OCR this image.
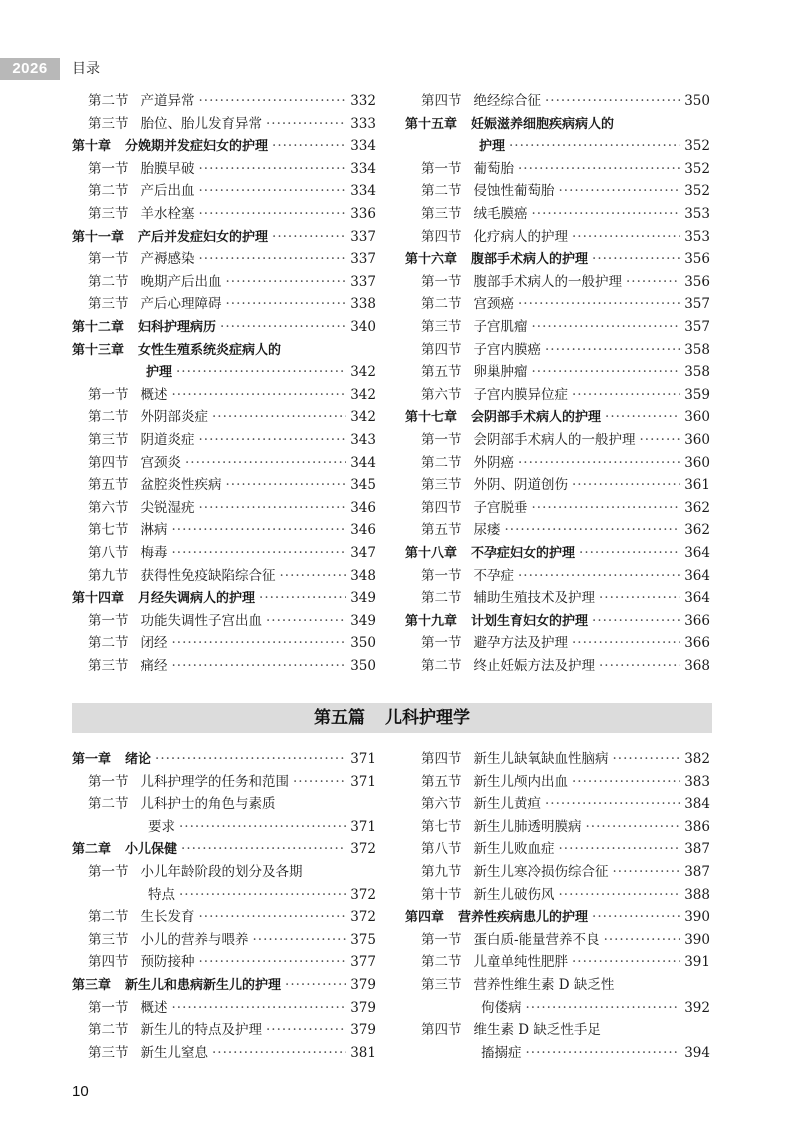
2026	目录
第二节 产道异常 ·····	332
第三节 胎位、胎儿发育异常 ·····	333
第十章 分娩期并发症妇女的护理 ·····	334
第一节 胎膜早破 ·····	334
第二节 产后出血 ·····	334
第三节 羊水栓塞 ·····	336
第十一章 产后并发症妇女的护理 ·····	337
第一节 产褥感染 ·····	337
第二节 晚期产后出血 ·····	337
第三节 产后心理障碍 ·····	338
第十二章 妇科护理病历 ·····	340
第十三章 女性生殖系统炎症病人的
护理 ·····	342
第一节 概述 ·····	342
第二节 外阴部炎症 ·····	342
第三节 阴道炎症 ·····	343
第四节 宫颈炎 ·····	344
第五节 盆腔炎性疾病 ·····	345
第六节 尖锐湿疣 ·····	346
第七节 淋病 ·····	346
第八节 梅毒 ·····	347
第九节 获得性免疫缺陷综合征 ·····	348
第十四章 月经失调病人的护理 ·····	349
第一节 功能失调性子宫出血 ·····	349
第二节 闭经 ·····	350
第三节 痛经 ·····	350
第四节 绝经综合征 ·····	350
第十五章 妊娠滋养细胞疾病病人的
护理 ·····	352
第一节 葡萄胎 ·····	352
第二节 侵蚀性葡萄胎 ·····	352
第三节 绒毛膜癌 ·····	353
第四节 化疗病人的护理 ·····	353
第十六章 腹部手术病人的护理 ·····	356
第一节 腹部手术病人的一般护理 ·····	356
第二节 宫颈癌 ·····	357
第三节 子宫肌瘤 ·····	357
第四节 子宫内膜癌 ·····	358
第五节 卵巢肿瘤 ·····	358
第六节 子宫内膜异位症 ·····	359
第十七章 会阴部手术病人的护理 ·····	360
第一节 会阴部手术病人的一般护理 ·····	360
第二节 外阴癌 ·····	360
第三节 外阴、阴道创伤 ·····	361
第四节 子宫脱垂 ·····	362
第五节 尿瘘 ·····	362
第十八章 不孕症妇女的护理 ·····	364
第一节 不孕症 ·····	364
第二节 辅助生殖技术及护理 ·····	364
第十九章 计划生育妇女的护理 ·····	366
第一节 避孕方法及护理 ·····	366
第二节 终止妊娠方法及护理 ·····	368
第五篇 儿科护理学
第一章 绪论 ·····	371
第一节 儿科护理学的任务和范围 ·····	371
第二节 儿科护士的角色与素质
要求 ·····	371
第二章 小儿保健 ·····	372
第一节 小儿年龄阶段的划分及各期
特点 ·····	372
第二节 生长发育 ·····	372
第三节 小儿的营养与喂养 ·····	375
第四节 预防接种 ·····	377
第三章 新生儿和患病新生儿的护理 ·····	379
第一节 概述 ·····	379
第二节 新生儿的特点及护理 ·····	379
第三节 新生儿窒息 ·····	381
第四节 新生儿缺氧缺血性脑病 ·····	382
第五节 新生儿颅内出血 ·····	383
第六节 新生儿黄疸 ·····	384
第七节 新生儿肺透明膜病 ·····	386
第八节 新生儿败血症 ·····	387
第九节 新生儿寒冷损伤综合征 ·····	387
第十节 新生儿破伤风 ·····	388
第四章 营养性疾病患儿的护理 ·····	390
第一节 蛋白质-能量营养不良 ·····	390
第二节 儿童单纯性肥胖 ·····	391
第三节 营养性维生素 D 缺乏性
佝偻病 ·····	392
第四节 维生素 D 缺乏性手足
搐搦症 ·····	394
10
